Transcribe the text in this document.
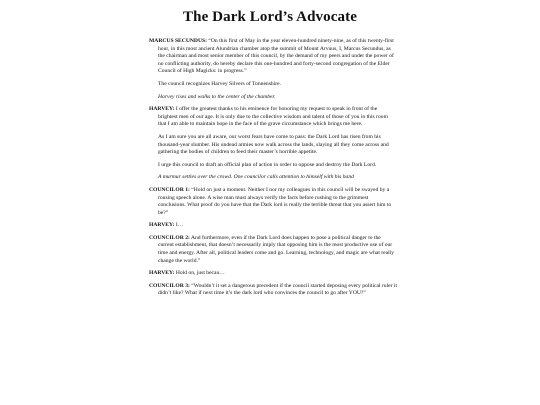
The Dark Lord’s Advocate

MARCUS SECUNDUS: “On this first of May in the year eleven-hundred ninety-nine, as of this twenty-first hour, in this most ancient Alundrian chamber atop the summit of Mount Arvuus, I, Marcus Secundus, as the chairman and most senior member of this council, by the demand of my peers and under the power of no conflicting authority, do hereby declare this one-hundred and forty-second congregation of the Elder Council of High Magicks: in progress.”

The council recognizes Harvey Silvers of Tonnenshire.

Harvey rises and walks to the center of the chamber.

HARVEY: I offer the greatest thanks to his eminence for honoring my request to speak in front of the brightest men of our age. It is only due to the collective wisdom and talent of those of you in this room that I am able to maintain hope in the face of the grave circumstance which brings me here.

As I am sure you are all aware, our worst fears have come to pass: the Dark Lord has risen from his thousand-year slumber. His undead armies now walk across the lands, slaying all they come across and gathering the bodies of children to feed their master’s horrible appetite.

I urge this council to draft an official plan of action in order to oppose and destroy the Dark Lord.

A murmur settles over the crowd. One councilor calls attention to himself with his hand

COUNCILOR 1: “Hold on just a moment. Neither I nor my colleagues in this council will be swayed by a rousing speech alone. A wise man must always verify the facts before rushing to the grimmest conclusions. What proof do you have that the Dark lord is really the terrible threat that you assert him to be?”

HARVEY: I…

COUNCILOR 2: And furthermore, even if the Dark Lord does happen to pose a political danger to the current establishment, that doesn’t necessarily imply that opposing him is the most productive use of our time and energy. After all, political leaders come and go. Learning, technology, and magic are what really change the world.”

HARVEY: Hold on, just becau…

COUNCILOR 3: “Wouldn’t it set a dangerous precedent if the council started deposing every political ruler it didn’t like? What if next time it’s the dark lord who convinces the council to go after YOU?”
